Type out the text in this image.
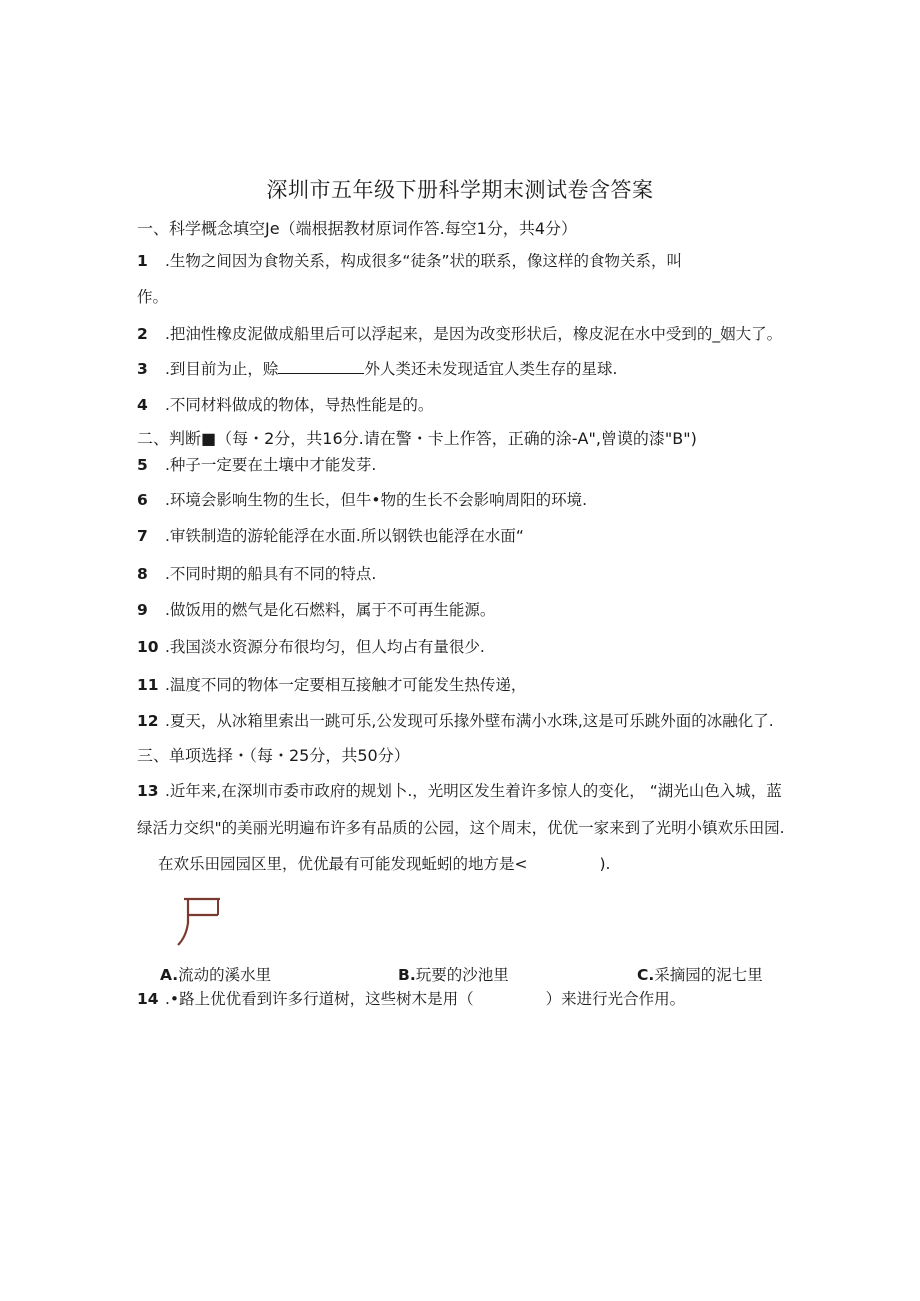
深圳市五年级下册科学期末测试卷含答案
一、科学概念填空Je（端根据教材原词作答.每空1分，共4分）
1 .生物之间因为食物关系，构成很多“徒条”状的联系，像这样的食物关系，叫
作。
2 .把油性橡皮泥做成船里后可以浮起来，是因为改变形状后，橡皮泥在水中受到的_姻大了。
3 .到目前为止，赊	外人类还未发现适宜人类生存的星球.
4 .不同材料做成的物体，导热性能是的。
二、判断■（每・2分，共16分.请在警・卡上作答，正确的涂-A",曾谟的漆"B")
5 .种子一定要在土壤中才能发芽.
6 .环境会影响生物的生长，但牛•物的生长不会影响周阳的环境.
7 .审铁制造的游轮能浮在水面.所以钢铁也能浮在水面“
8 .不同时期的船具有不同的特点.
9 .做饭用的燃气是化石燃料，属于不可再生能源。
10 .我国淡水资源分布很均匀，但人均占有量很少.
11 .温度不同的物体一定要相互接触才可能发生热传递，
12 .夏天，从冰箱里索出一跳可乐,公发现可乐掾外壁布满小水珠,这是可乐跳外面的冰融化了.
三、单项选择・（每・25分，共50分）
13 .近年来,在深圳市委市政府的规划卜.，光明区发生着许多惊人的变化， “湖光山色入城，蓝
绿活力交织"的美丽光明遍布许多有品质的公园，这个周末，优优一家来到了光明小镇欢乐田园.
在欢乐田园园区里，优优最有可能发现蚯蚓的地方是<	).
A.流动的溪水里	B.玩要的沙池里	C.采摘园的泥七里
14 .•路上优优看到许多行道树，这些树木是用（	）来进行光合作用。
